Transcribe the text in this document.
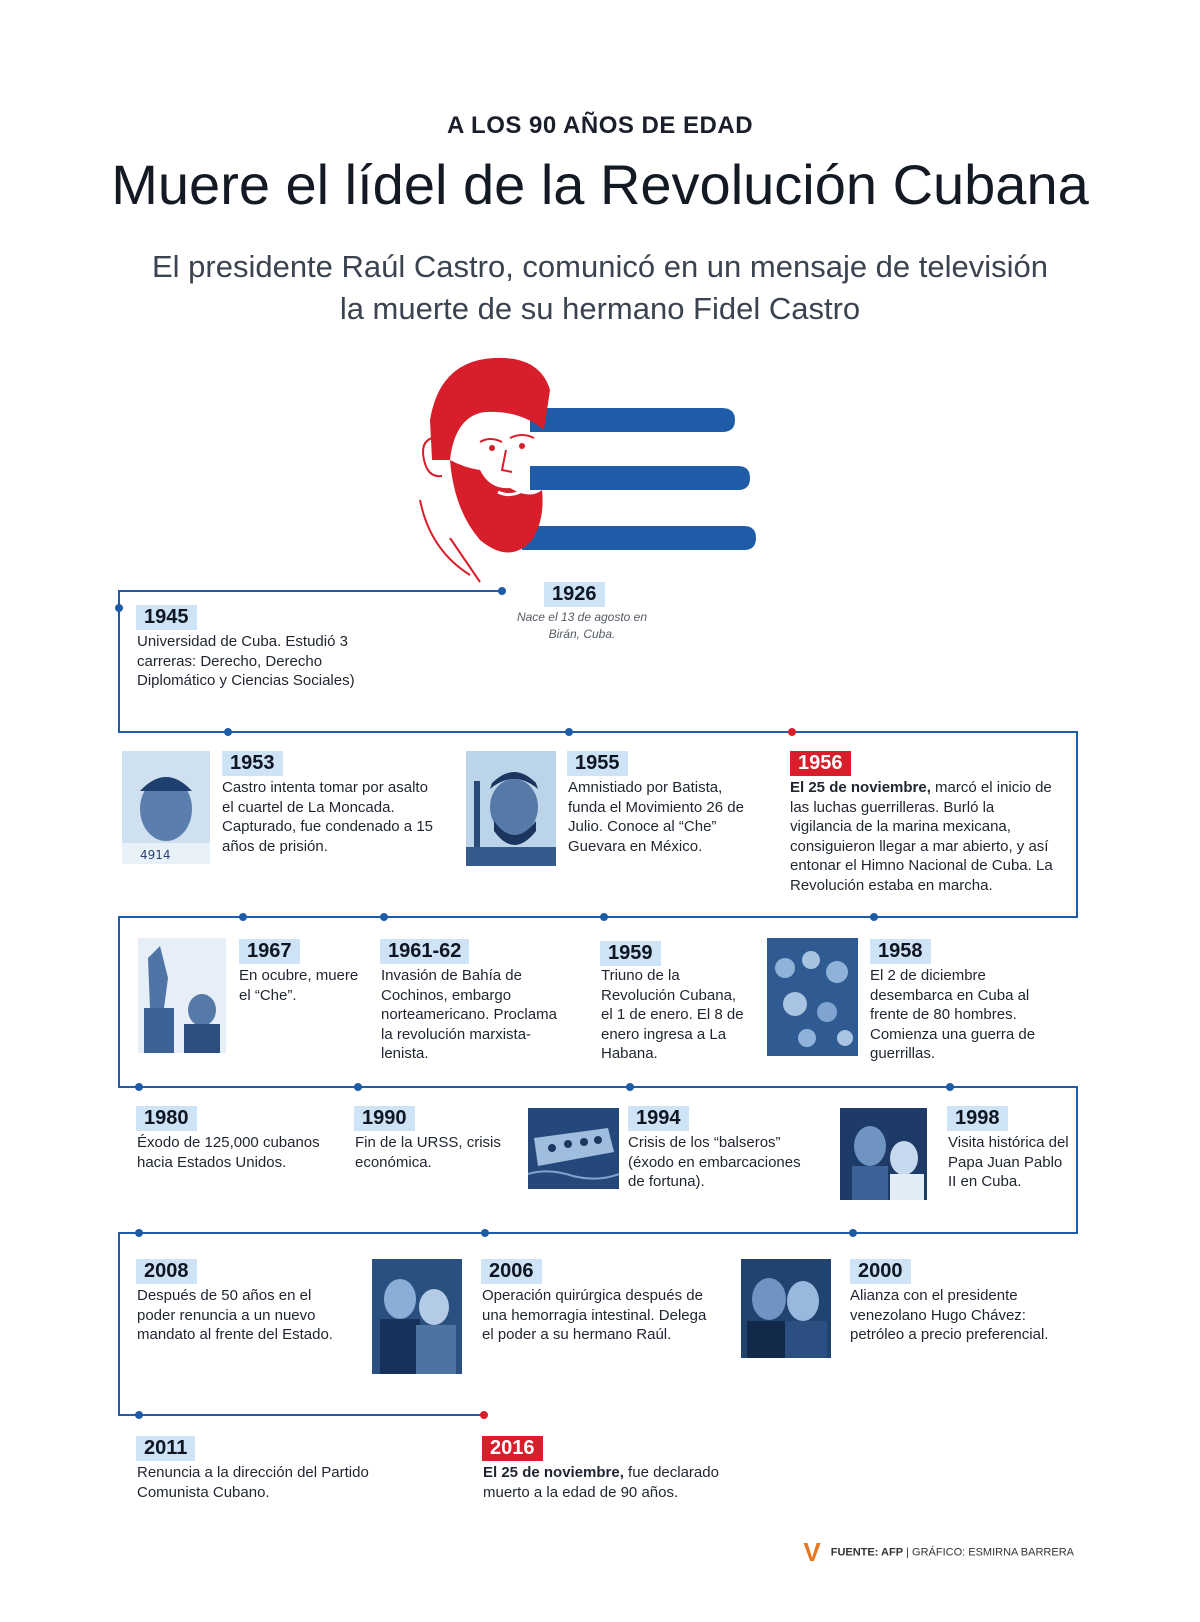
A LOS 90 AÑOS DE EDAD
Muere el lídel de la Revolución Cubana
El presidente Raúl Castro, comunicó en un mensaje de televisión
la muerte de su hermano Fidel Castro
1926
Nace el 13 de agosto en Birán, Cuba.
1945
Universidad de Cuba. Estudió 3 carreras: Derecho, Derecho Diplomático y Ciencias Sociales)
4914
1953
Castro intenta tomar por asalto el cuartel de La Moncada. Capturado, fue condenado a 15 años de prisión.
1955
Amnistiado por Batista, funda el Movimiento 26 de Julio. Conoce al “Che” Guevara en México.
1956
El 25 de noviembre, marcó el inicio de las luchas guerrilleras. Burló la vigilancia de la marina mexicana, consiguieron llegar a mar abierto, y así entonar el Himno Nacional de Cuba. La Revolución estaba en marcha.
1967
En ocubre, muere el “Che”.
1961-62
Invasión de Bahía de Cochinos, embargo norteamericano. Proclama la revolución marxista-lenista.
1959
Triuno de la Revolución Cubana, el 1 de enero. El 8 de enero ingresa a La Habana.
1958
El 2 de diciembre desembarca en Cuba al frente de 80 hombres. Comienza una guerra de guerrillas.
1980
Éxodo de 125,000 cubanos hacia Estados Unidos.
1990
Fin de la URSS, crisis económica.
1994
Crisis de los “balseros” (éxodo en embarcaciones de fortuna).
1998
Visita histórica del Papa Juan Pablo II en Cuba.
2008
Después de 50 años en el poder renuncia a un nuevo mandato al frente del Estado.
2006
Operación quirúrgica después de una hemorragia intestinal. Delega el poder a su hermano Raúl.
2000
Alianza con el presidente venezolano Hugo Chávez: petróleo a precio preferencial.
2011
Renuncia a la dirección del Partido Comunista Cubano.
2016
El 25 de noviembre, fue declarado muerto a la edad de 90 años.
VFUENTE: AFP | GRÁFICO: ESMIRNA BARRERA
